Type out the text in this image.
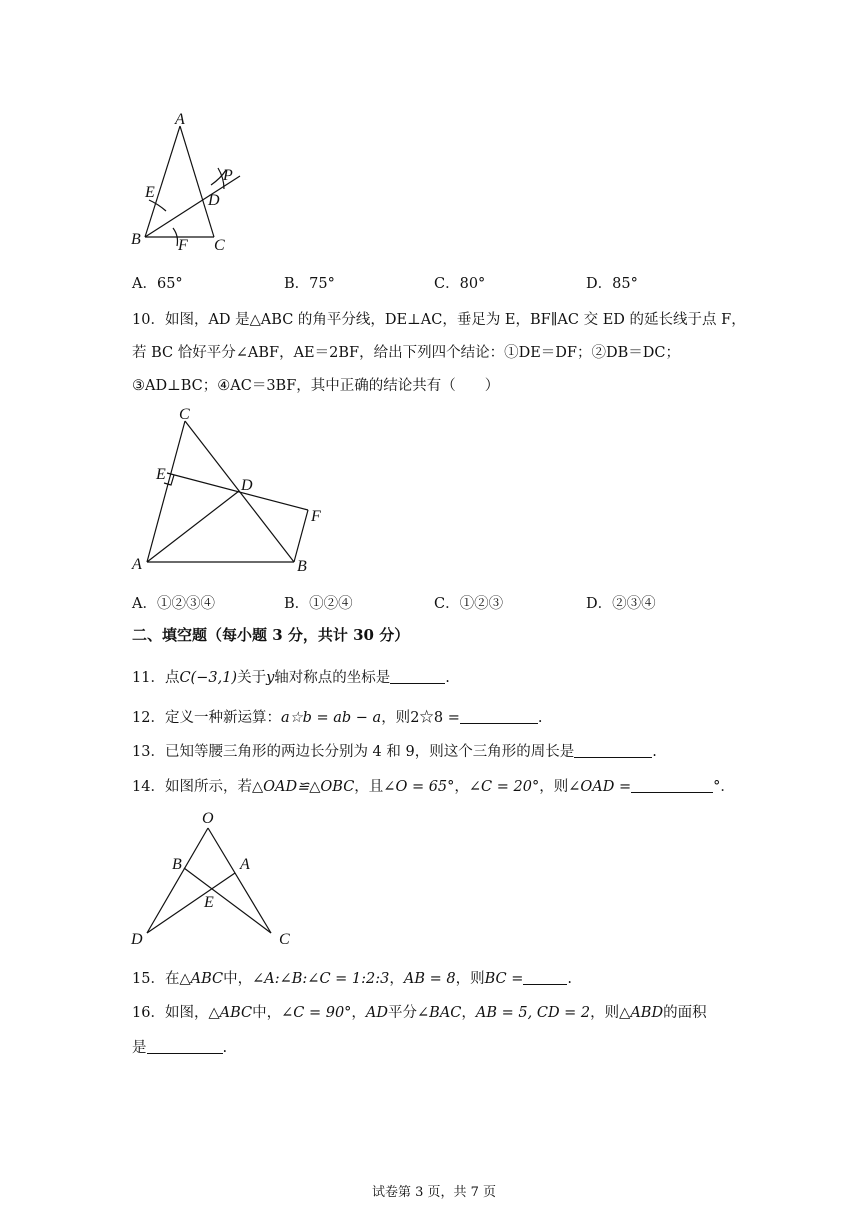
A
E
P
D
B F C
A．65°	B．75°	C．80°	D．85°
10．如图，AD 是△ABC 的角平分线，DE⊥AC，垂足为 E，BF∥AC 交 ED 的延长线于点 F，
若 BC 恰好平分∠ABF，AE＝2BF，给出下列四个结论：①DE＝DF；②DB＝DC；
③AD⊥BC；④AC＝3BF，其中正确的结论共有（　　）
C
E
D
F
A	B
A．①②③④	B．①②④	C．①②③	D．②③④
二、填空题（每小题 3 分，共计 30 分）
11．点C(−3,1)关于y轴对称点的坐标是	.
12．定义一种新运算：a☆b = ab − a，则2☆8 =	.
13．已知等腰三角形的两边长分别为 4 和 9，则这个三角形的周长是	.
14．如图所示，若△OAD≌△OBC，且∠O = 65°，∠C = 20°，则∠OAD =	°．
O
B	A
E
D	C
15．在△ABC中，∠A:∠B:∠C = 1:2:3，AB = 8，则BC =	.
16．如图，△ABC中，∠C = 90°，AD平分∠BAC，AB = 5, CD = 2，则△ABD的面积
是	.
试卷第 3 页，共 7 页
